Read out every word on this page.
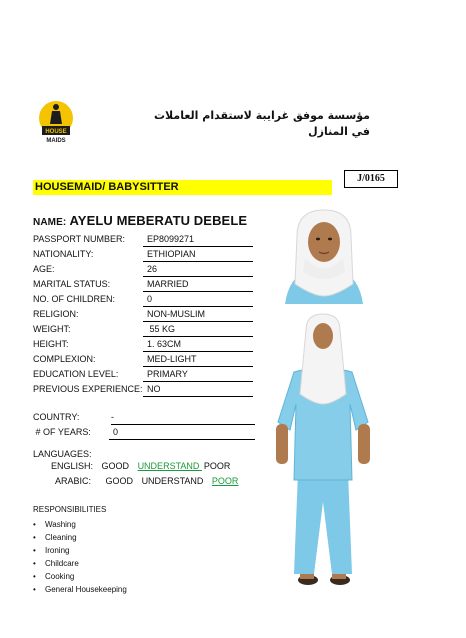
HOUSE
MAIDS
مؤسسة موفق غرايبة لاستقدام العاملات
في المنازل
J/0165
HOUSEMAID/ BABYSITTER
NAME: AYELU MEBERATU DEBELE
PASSPORT NUMBER:	EP8099271
NATIONALITY:	ETHIOPIAN
AGE:	26
MARITAL STATUS:	MARRIED
NO. OF CHILDREN:	0
RELIGION:	NON-MUSLIM
WEIGHT:	55 KG
HEIGHT:	1. 63CM
COMPLEXION:	MED-LIGHT
EDUCATION LEVEL:	PRIMARY
PREVIOUS EXPERIENCE: NO
COUNTRY:	-
# OF YEARS:	0
LANGUAGES:
ENGLISH: GOOD UNDERSTAND POOR
ARABIC: GOOD UNDERSTAND POOR
RESPONSIBILITIES
• Washing
• Cleaning
• Ironing
• Childcare
• Cooking
• General Housekeeping
